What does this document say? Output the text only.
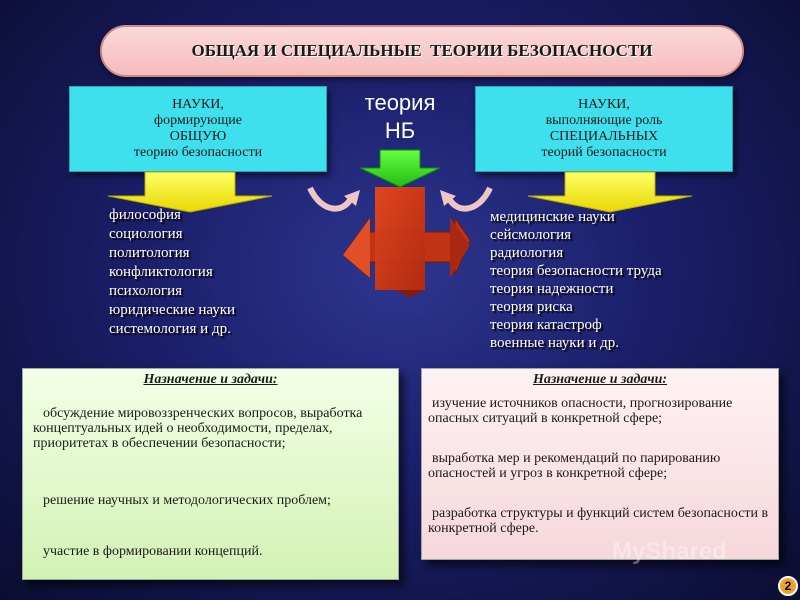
ОБЩАЯ И СПЕЦИАЛЬНЫЕ  ТЕОРИИ БЕЗОПАСНОСТИ
НАУКИ,
формирующие
ОБЩУЮ
теорию безопасности
НАУКИ,
выполняющие роль
СПЕЦИАЛЬНЫХ
теорий безопасности
теория
НБ
философия
социология
политология
конфликтология
психология
юридические науки
системология и др.
медицинские науки
сейсмология
радиология
теория безопасности труда
теория надежности
теория риска
теория катастроф
военные науки и др.
Назначение и задачи:
обсуждение мировоззренческих вопросов, выработка концептуальных идей о необходимости, пределах, приоритетах в обеспечении безопасности;
решение научных и методологических проблем;
участие в формировании концепций.
Назначение и задачи:
изучение источников опасности, прогнозирование опасных ситуаций в конкретной сфере;
выработка мер и рекомендаций по парированию опасностей и угроз в конкретной сфере;
разработка структуры и функций систем безопасности в конкретной сфере.
MyShared
2
